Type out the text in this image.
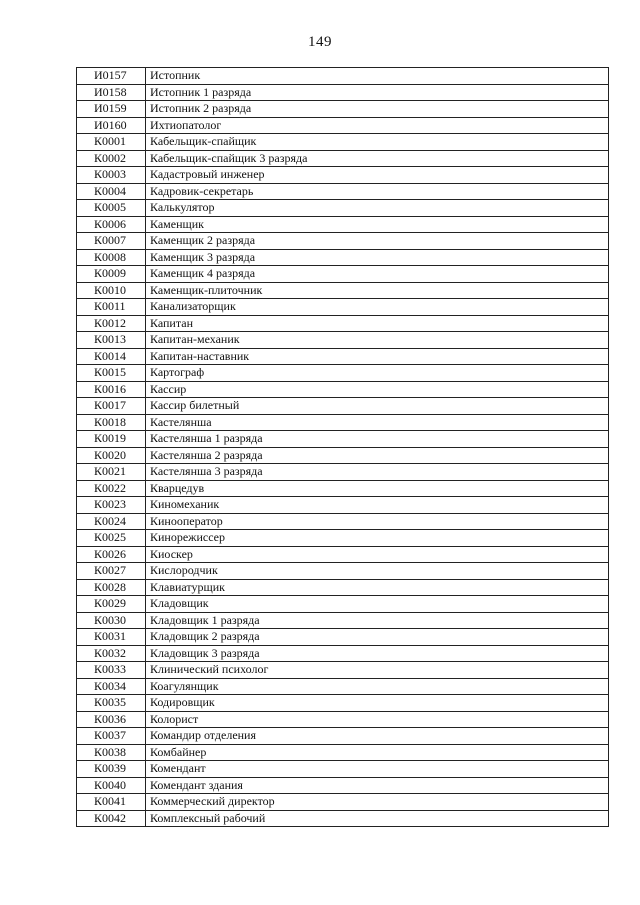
149
И0157	Истопник
И0158	Истопник 1 разряда
И0159	Истопник 2 разряда
И0160	Ихтиопатолог
К0001	Кабельщик-спайщик
К0002	Кабельщик-спайщик 3 разряда
К0003	Кадастровый инженер
К0004	Кадровик-секретарь
К0005	Калькулятор
К0006	Каменщик
К0007	Каменщик 2 разряда
К0008	Каменщик 3 разряда
К0009	Каменщик 4 разряда
К0010	Каменщик-плиточник
К0011	Канализаторщик
К0012	Капитан
К0013	Капитан-механик
К0014	Капитан-наставник
К0015	Картограф
К0016	Кассир
К0017	Кассир билетный
К0018	Кастелянша
К0019	Кастелянша 1 разряда
К0020	Кастелянша 2 разряда
К0021	Кастелянша 3 разряда
К0022	Кварцедув
К0023	Киномеханик
К0024	Кинооператор
К0025	Кинорежиссер
К0026	Киоскер
К0027	Кислородчик
К0028	Клавиатурщик
К0029	Кладовщик
К0030	Кладовщик 1 разряда
К0031	Кладовщик 2 разряда
К0032	Кладовщик 3 разряда
К0033	Клинический психолог
К0034	Коагулянщик
К0035	Кодировщик
К0036	Колорист
К0037	Командир отделения
К0038	Комбайнер
К0039	Комендант
К0040	Комендант здания
К0041	Коммерческий директор
К0042	Комплексный рабочий
